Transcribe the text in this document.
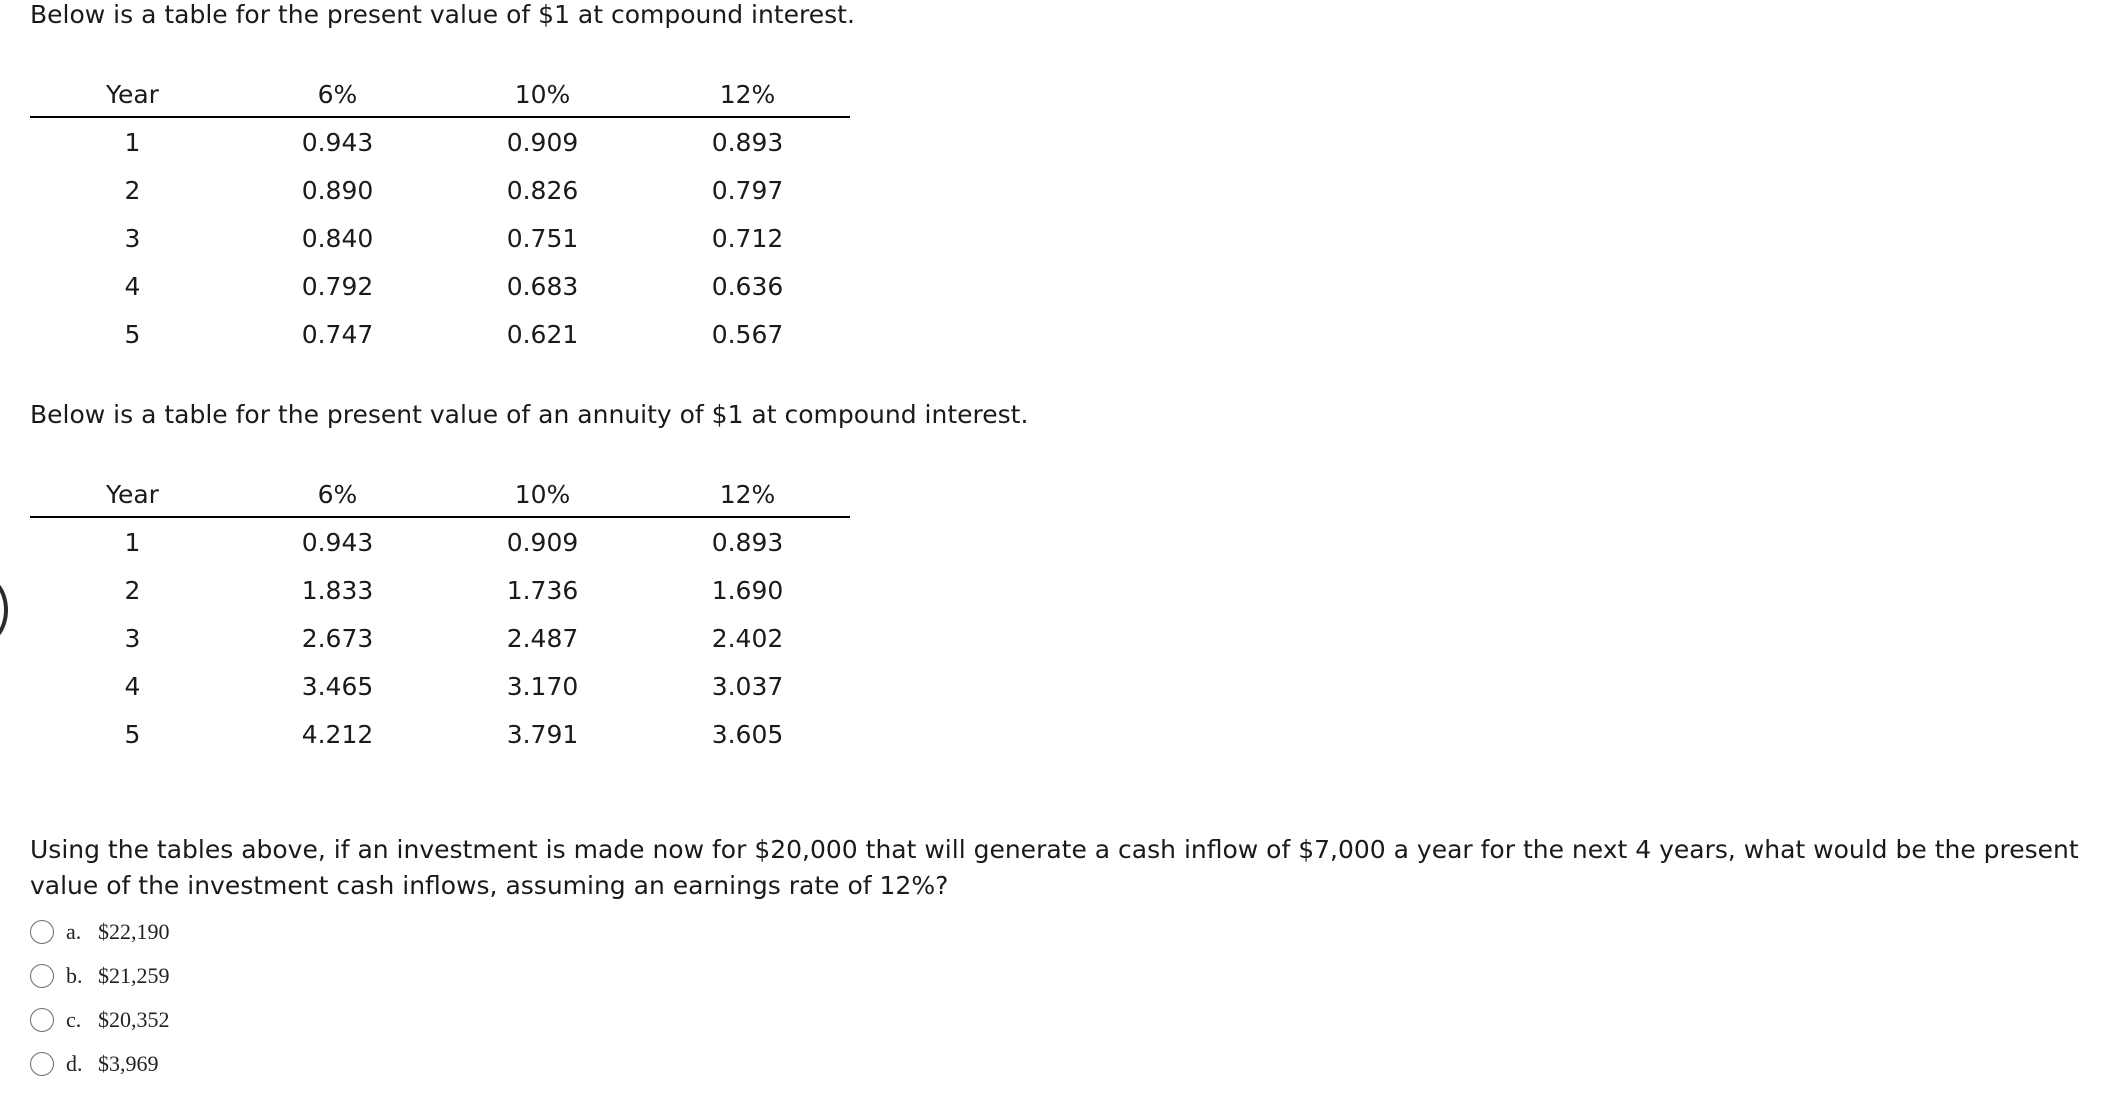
Below is a table for the present value of $1 at compound interest.

Year	6%	10%	12%
1	0.943	0.909	0.893
2	0.890	0.826	0.797
3	0.840	0.751	0.712
4	0.792	0.683	0.636
5	0.747	0.621	0.567

Below is a table for the present value of an annuity of $1 at compound interest.

Year	6%	10%	12%
1	0.943	0.909	0.893
2	1.833	1.736	1.690
3	2.673	2.487	2.402
4	3.465	3.170	3.037
5	4.212	3.791	3.605

Using the tables above, if an investment is made now for $20,000 that will generate a cash inflow of $7,000 a year for the next 4 years, what would be the present value of the investment cash inflows, assuming an earnings rate of 12%?

a. $22,190
b. $21,259
c. $20,352
d. $3,969
